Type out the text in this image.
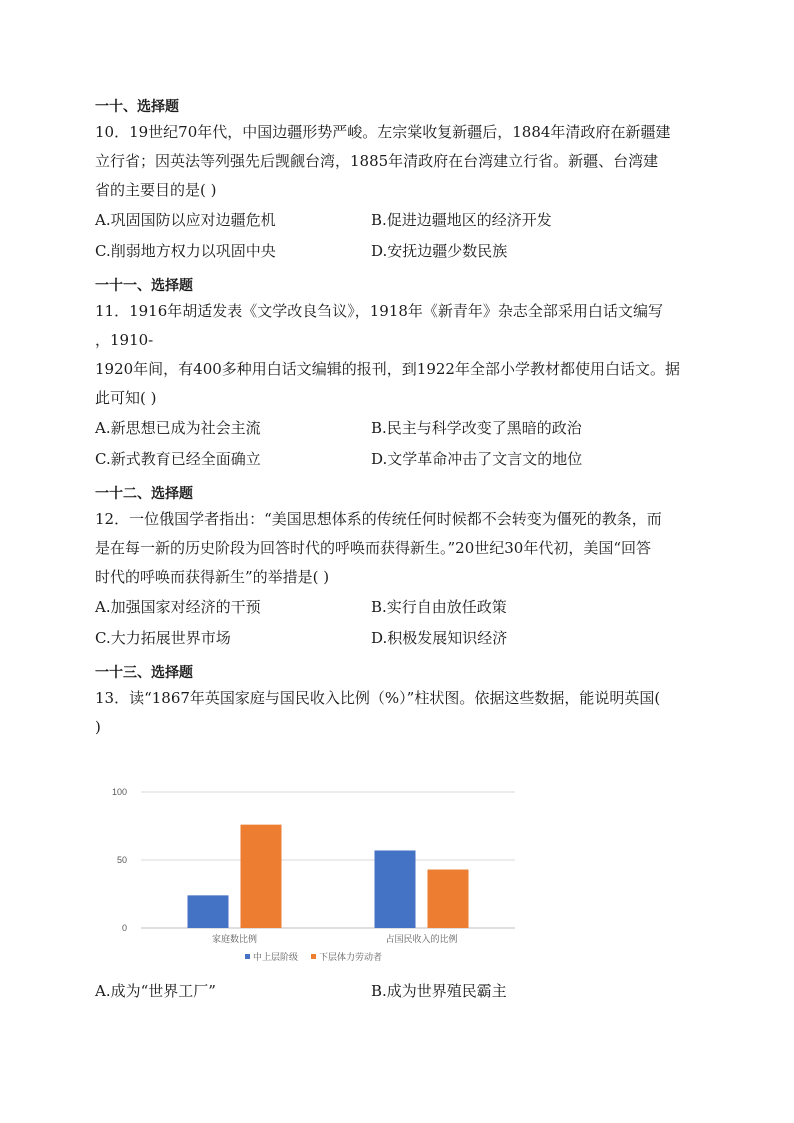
一十、选择题

10．19世纪70年代，中国边疆形势严峻。左宗棠收复新疆后，1884年清政府在新疆建

立行省；因英法等列强先后觊觎台湾，1885年清政府在台湾建立行省。新疆、台湾建

省的主要目的是( )

A.巩固国防以应对边疆危机	B.促进边疆地区的经济开发
C.削弱地方权力以巩固中央	D.安抚边疆少数民族

一十一、选择题

11．1916年胡适发表《文学改良刍议》，1918年《新青年》杂志全部采用白话文编写

，1910-

1920年间，有400多种用白话文编辑的报刊，到1922年全部小学教材都使用白话文。据

此可知( )

A.新思想已成为社会主流	B.民主与科学改变了黑暗的政治
C.新式教育已经全面确立	D.文学革命冲击了文言文的地位

一十二、选择题

12．一位俄国学者指出：“美国思想体系的传统任何时候都不会转变为僵死的教条，而

是在每一新的历史阶段为回答时代的呼唤而获得新生。”20世纪30年代初，美国“回答

时代的呼唤而获得新生”的举措是( )

A.加强国家对经济的干预	B.实行自由放任政策
C.大力拓展世界市场	D.积极发展知识经济

一十三、选择题

13．读“1867年英国家庭与国民收入比例（%）”柱状图。依据这些数据，能说明英国(

)

0
50
100
家庭数比例	占国民收入的比例
中上层阶级 下层体力劳动者
A.成为“世界工厂”	B.成为世界殖民霸主
